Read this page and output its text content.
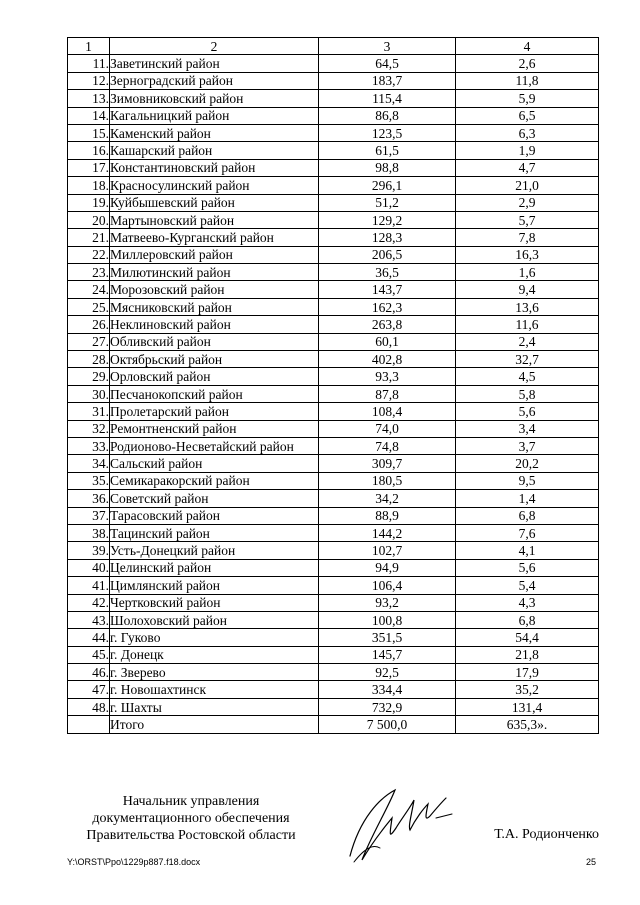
1	2	3	4
11.	Заветинский район	64,5	2,6
12.	Зерноградский район	183,7	11,8
13.	Зимовниковский район	115,4	5,9
14.	Кагальницкий район	86,8	6,5
15.	Каменский район	123,5	6,3
16.	Кашарский район	61,5	1,9
17.	Константиновский район	98,8	4,7
18.	Красносулинский район	296,1	21,0
19.	Куйбышевский район	51,2	2,9
20.	Мартыновский район	129,2	5,7
21.	Матвеево-Курганский район	128,3	7,8
22.	Миллеровский район	206,5	16,3
23.	Милютинский район	36,5	1,6
24.	Морозовский район	143,7	9,4
25.	Мясниковский район	162,3	13,6
26.	Неклиновский район	263,8	11,6
27.	Обливский район	60,1	2,4
28.	Октябрьский район	402,8	32,7
29.	Орловский район	93,3	4,5
30.	Песчанокопский район	87,8	5,8
31.	Пролетарский район	108,4	5,6
32.	Ремонтненский район	74,0	3,4
33.	Родионово-Несветайский район	74,8	3,7
34.	Сальский район	309,7	20,2
35.	Семикаракорский район	180,5	9,5
36.	Советский район	34,2	1,4
37.	Тарасовский район	88,9	6,8
38.	Тацинский район	144,2	7,6
39.	Усть-Донецкий район	102,7	4,1
40.	Целинский район	94,9	5,6
41.	Цимлянский район	106,4	5,4
42.	Чертковский район	93,2	4,3
43.	Шолоховский район	100,8	6,8
44.	г. Гуково	351,5	54,4
45.	г. Донецк	145,7	21,8
46.	г. Зверево	92,5	17,9
47.	г. Новошахтинск	334,4	35,2
48.	г. Шахты	732,9	131,4
	Итого	7 500,0	635,3».
Начальник управления
документационного обеспечения
Правительства Ростовской области	Т.А. Родионченко
Y:\ORST\Ppo\1229p887.f18.docx	25
